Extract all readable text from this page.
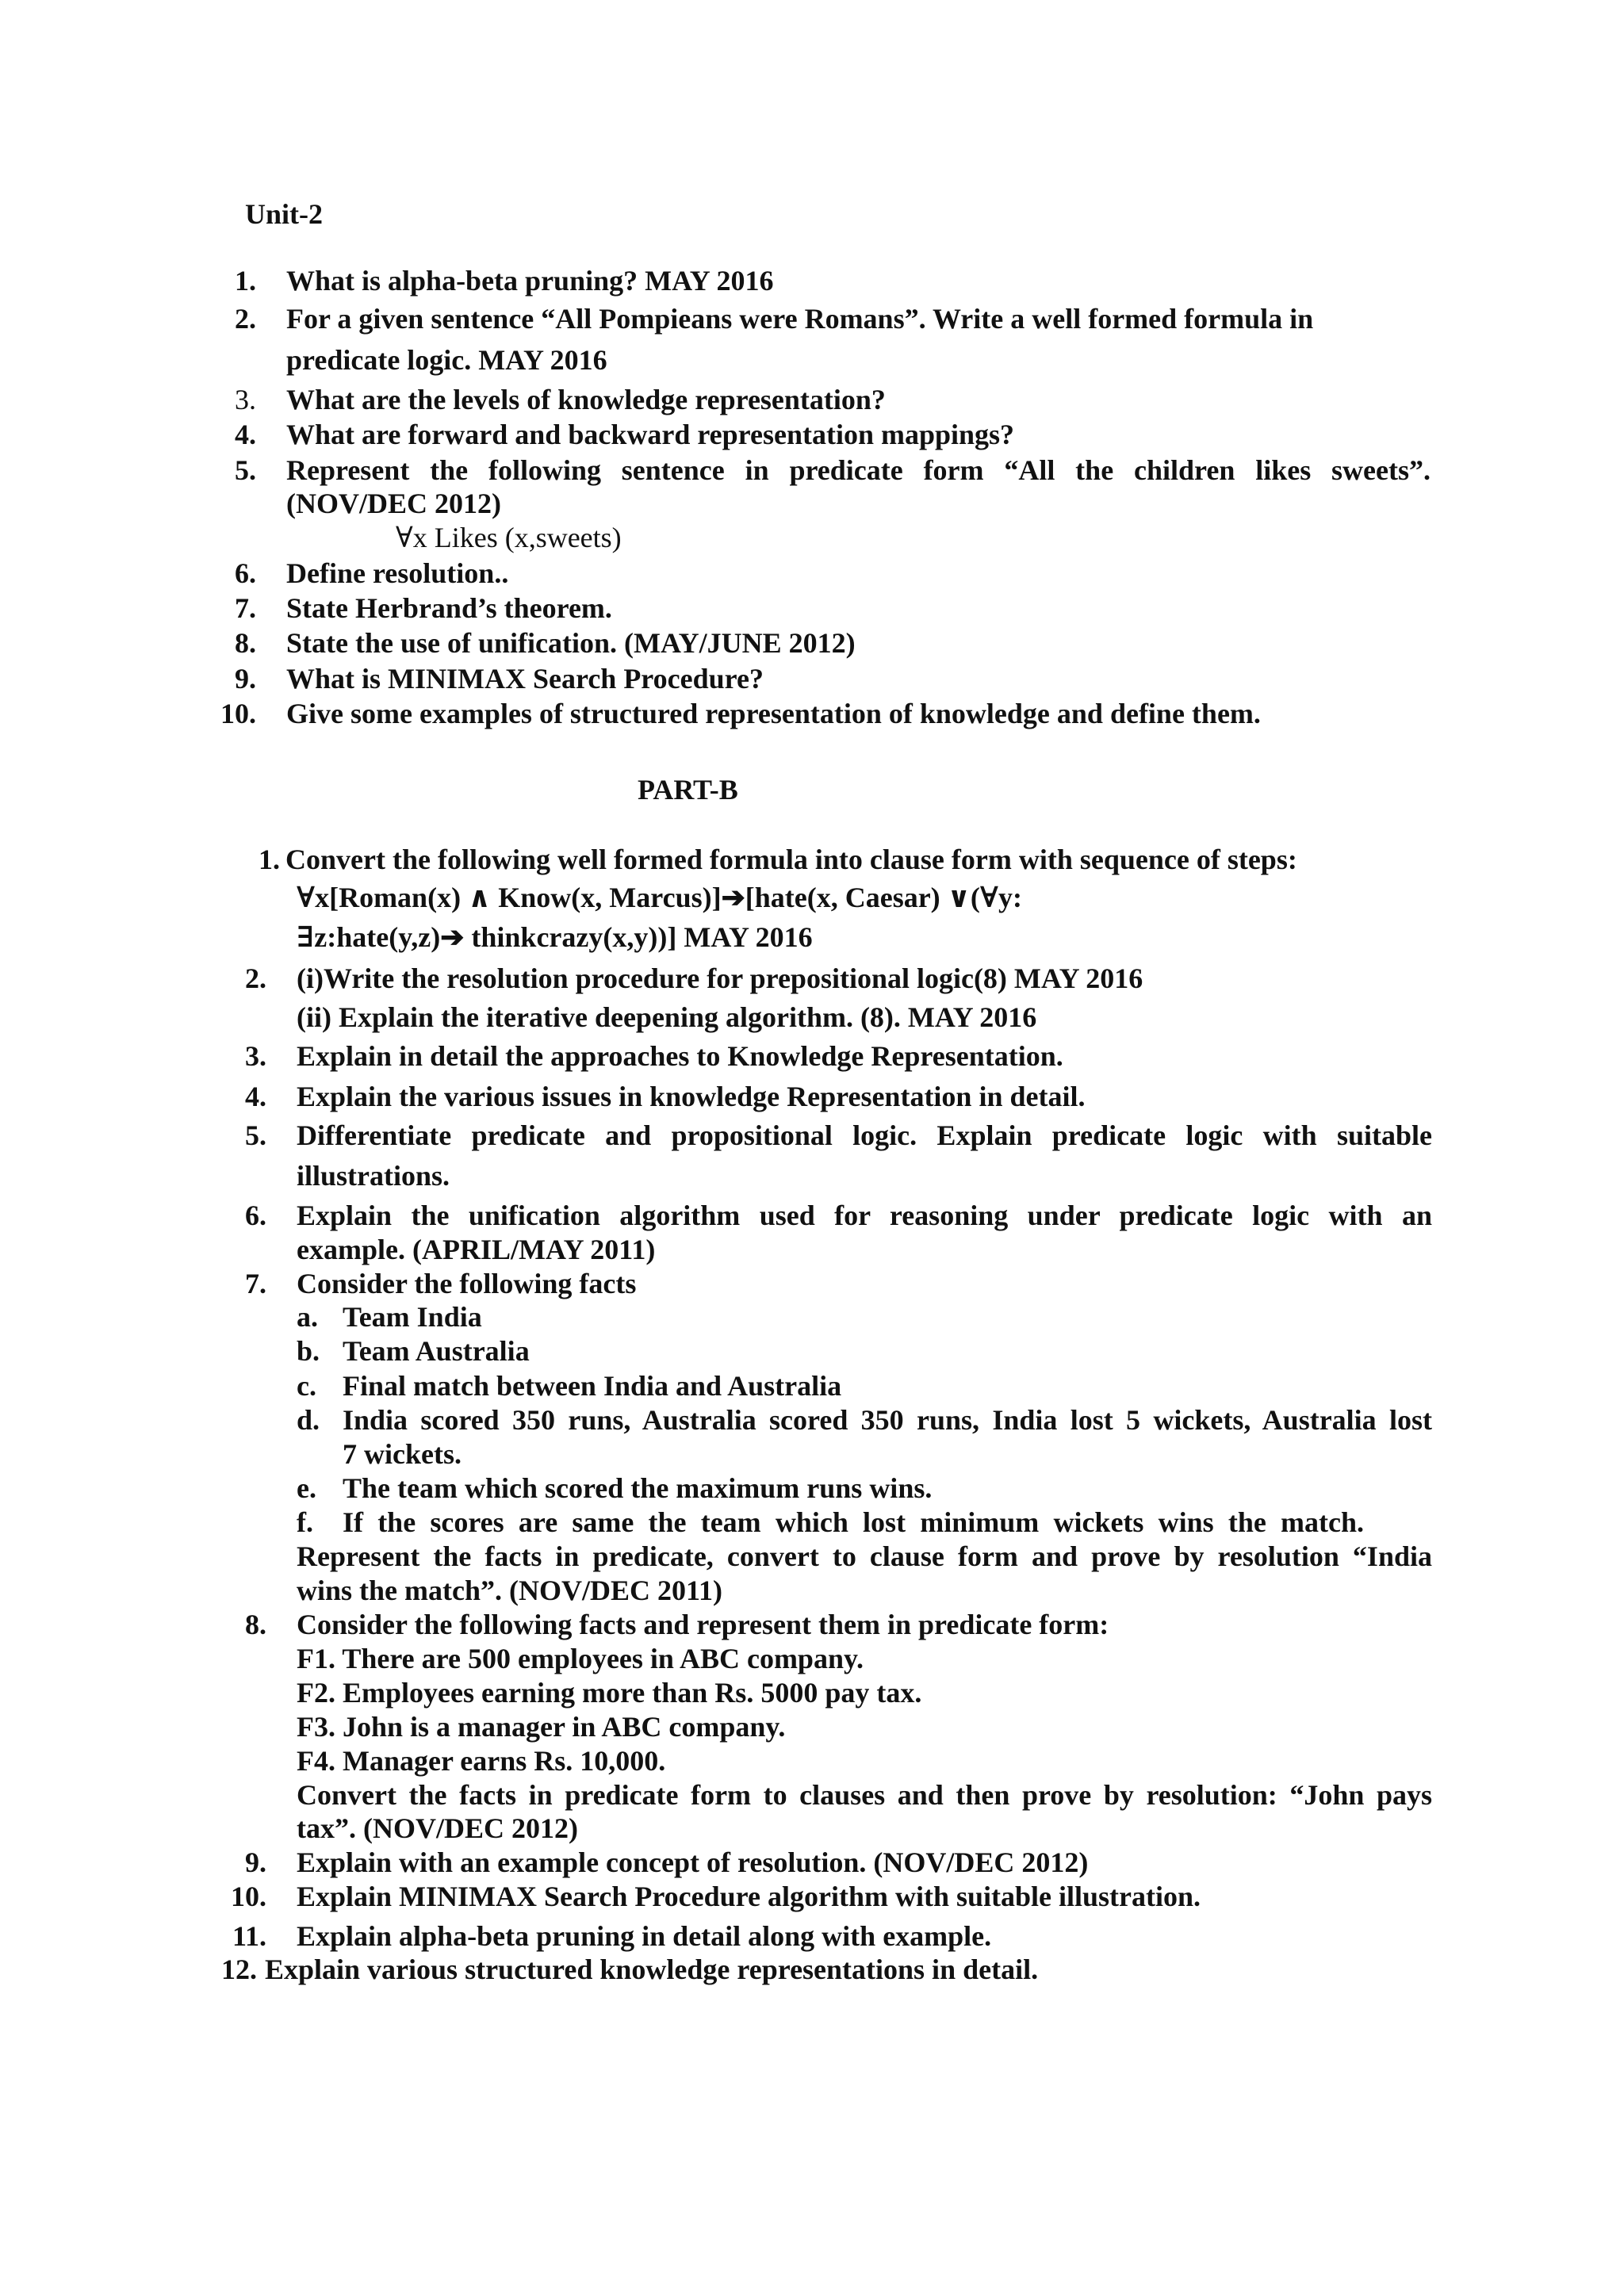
Unit-2
1. What is alpha-beta pruning? MAY 2016
2. For a given sentence “All Pompieans were Romans”. Write a well formed formula in
predicate logic. MAY 2016
3. What are the levels of knowledge representation?
4. What are forward and backward representation mappings?
5. Represent the following sentence in predicate form “All the children likes sweets”.
(NOV/DEC 2012)
∀x Likes (x,sweets)
6. Define resolution..
7. State Herbrand’s theorem.
8. State the use of unification. (MAY/JUNE 2012)
9. What is MINIMAX Search Procedure?
10. Give some examples of structured representation of knowledge and define them.
PART-B
1. Convert the following well formed formula into clause form with sequence of steps:
∀x[Roman(x) ∧ Know(x, Marcus)]➔[hate(x, Caesar) ∨(∀y:
∃z:hate(y,z)➔ thinkcrazy(x,y))] MAY 2016
2. (i)Write the resolution procedure for prepositional logic(8) MAY 2016
(ii) Explain the iterative deepening algorithm. (8). MAY 2016
3. Explain in detail the approaches to Knowledge Representation.
4. Explain the various issues in knowledge Representation in detail.
5. Differentiate predicate and propositional logic. Explain predicate logic with suitable
illustrations.
6. Explain the unification algorithm used for reasoning under predicate logic with an
example. (APRIL/MAY 2011)
7. Consider the following facts
a. Team India
b. Team Australia
c. Final match between India and Australia
d. India scored 350 runs, Australia scored 350 runs, India lost 5 wickets, Australia lost
7 wickets.
e. The team which scored the maximum runs wins.
f. If the scores are same the team which lost minimum wickets wins the match.
Represent the facts in predicate, convert to clause form and prove by resolution “India
wins the match”. (NOV/DEC 2011)
8. Consider the following facts and represent them in predicate form:
F1. There are 500 employees in ABC company.
F2. Employees earning more than Rs. 5000 pay tax.
F3. John is a manager in ABC company.
F4. Manager earns Rs. 10,000.
Convert the facts in predicate form to clauses and then prove by resolution: “John pays
tax”. (NOV/DEC 2012)
9. Explain with an example concept of resolution. (NOV/DEC 2012)
10. Explain MINIMAX Search Procedure algorithm with suitable illustration.
11. Explain alpha-beta pruning in detail along with example.
12. Explain various structured knowledge representations in detail.
